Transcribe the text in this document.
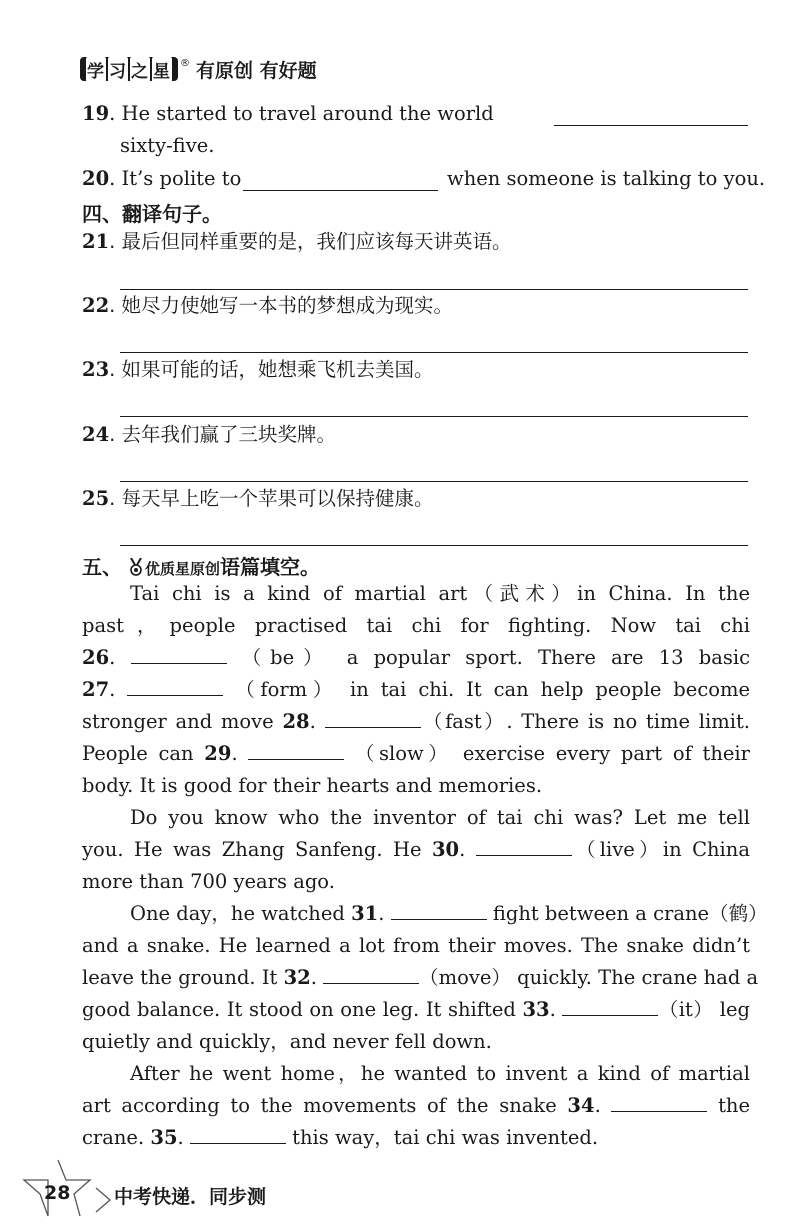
学 习 之 星 ® 有原创 有好题
19. He started to travel around the world
sixty-five.
20. It’s polite to	when someone is talking to you.
四、翻译句子。
21. 最后但同样重要的是，我们应该每天讲英语。
22. 她尽力使她写一本书的梦想成为现实。
23. 如果可能的话，她想乘飞机去美国。
24. 去年我们赢了三块奖牌。
25. 每天早上吃一个苹果可以保持健康。
五、 优质星原创语篇填空。
Tai chi is a kind of martial art（武术）in China. In the
past，people practised tai chi for fighting. Now tai chi
26.	（be） a popular sport. There are 13 basic
27.	（form） in tai chi. It can help people become
stronger and move 28.	（fast）. There is no time limit.
People can 29.	（slow） exercise every part of their
body. It is good for their hearts and memories.
Do you know who the inventor of tai chi was? Let me tell
you. He was Zhang Sanfeng. He 30.	（live）in China
more than 700 years ago.
One day，he watched 31.	fight between a crane（鹤）
and a snake. He learned a lot from their moves. The snake didn’t
leave the ground. It 32.	（move） quickly. The crane had a
good balance. It stood on one leg. It shifted 33.	（it） leg
quietly and quickly，and never fell down.
After he went home，he wanted to invent a kind of martial
art according to the movements of the snake 34.	the
crane. 35.	this way，tai chi was invented.
28 中考快递．同步测
